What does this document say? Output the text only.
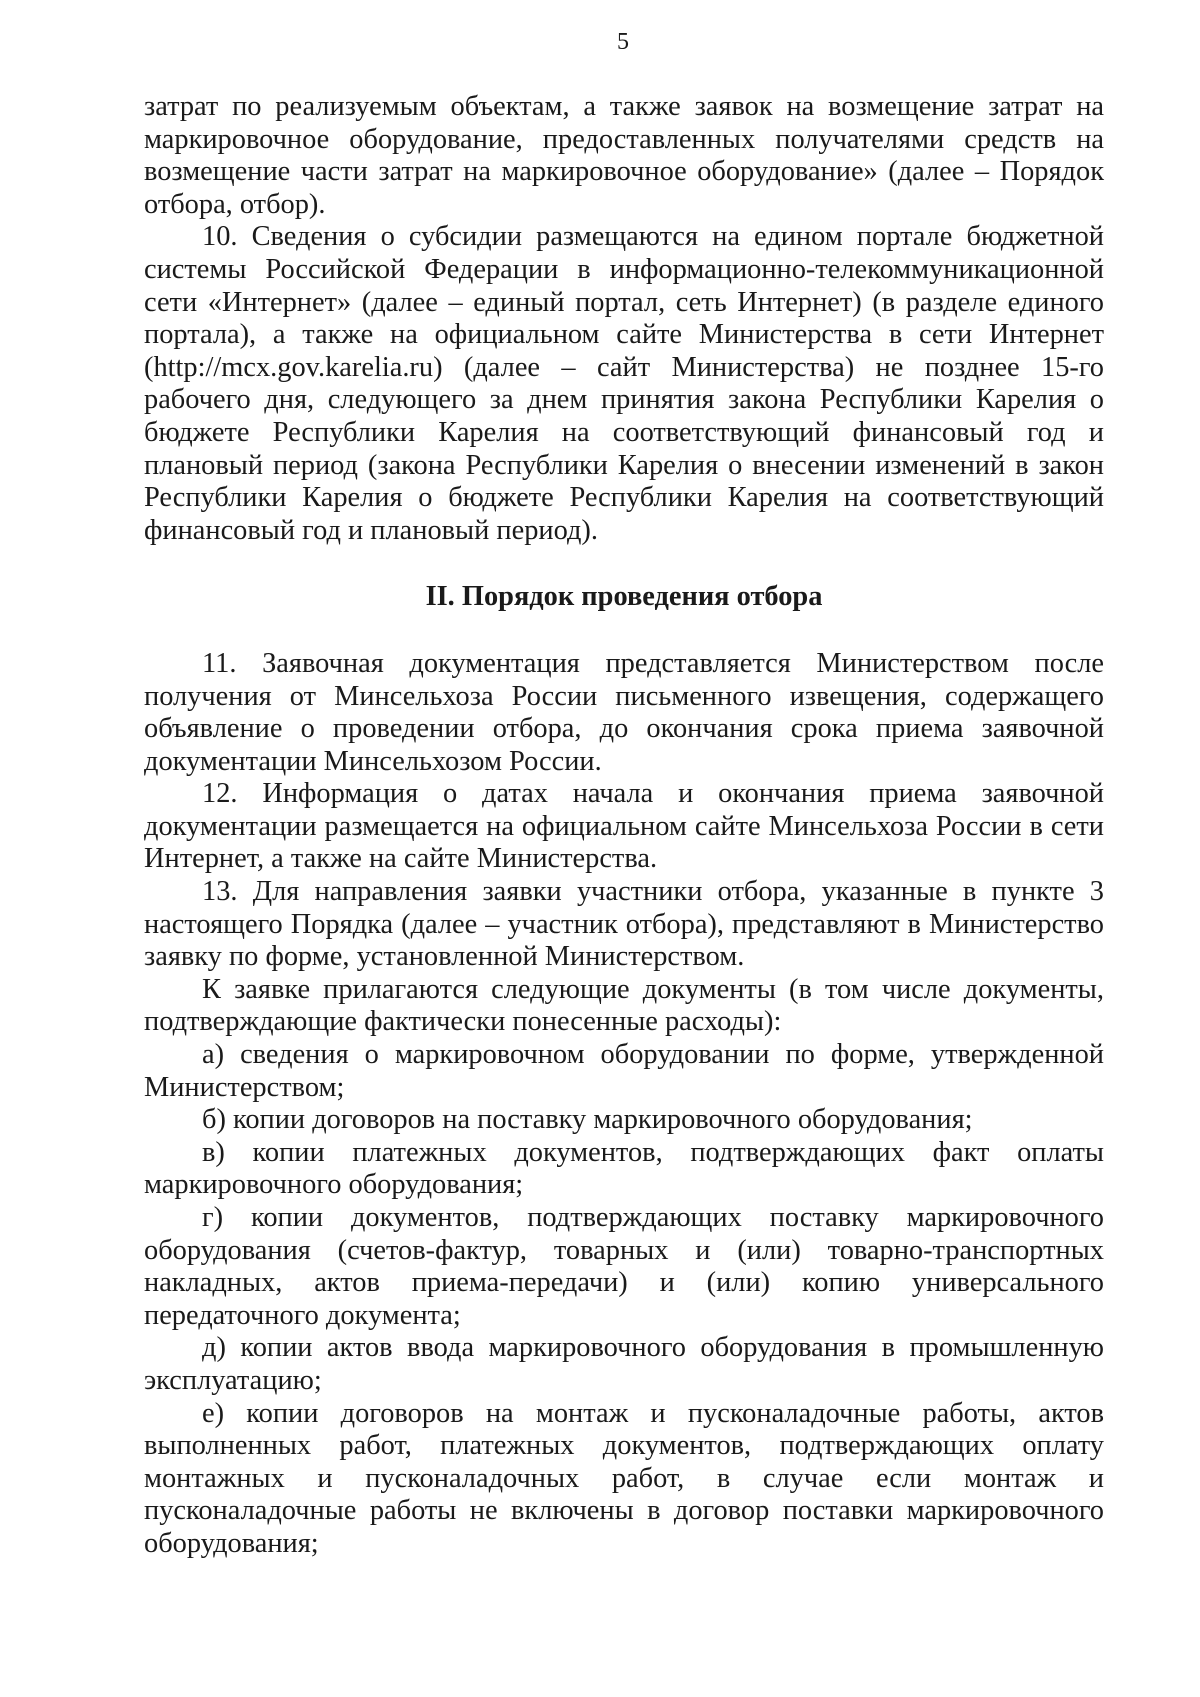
5

затрат по реализуемым объектам, а также заявок на возмещение затрат на маркировочное оборудование, предоставленных получателями средств на возмещение части затрат на маркировочное оборудование» (далее – Порядок отбора, отбор).

10. Сведения о субсидии размещаются на едином портале бюджетной системы Российской Федерации в информационно-телекоммуникационной сети «Интернет» (далее – единый портал, сеть Интернет) (в разделе единого портала), а также на официальном сайте Министерства в сети Интернет (http://mcx.gov.karelia.ru) (далее – сайт Министерства) не позднее 15-го рабочего дня, следующего за днем принятия закона Республики Карелия о бюджете Республики Карелия на соответствующий финансовый год и плановый период (закона Республики Карелия о внесении изменений в закон Республики Карелия о бюджете Республики Карелия на соответствующий финансовый год и плановый период).

II. Порядок проведения отбора

11. Заявочная документация представляется Министерством после получения от Минсельхоза России письменного извещения, содержащего объявление о проведении отбора, до окончания срока приема заявочной документации Минсельхозом России.

12. Информация о датах начала и окончания приема заявочной документации размещается на официальном сайте Минсельхоза России в сети Интернет, а также на сайте Министерства.

13. Для направления заявки участники отбора, указанные в пункте 3 настоящего Порядка (далее – участник отбора), представляют в Министерство заявку по форме, установленной Министерством.

К заявке прилагаются следующие документы (в том числе документы, подтверждающие фактически понесенные расходы):

а) сведения о маркировочном оборудовании по форме, утвержденной Министерством;

б) копии договоров на поставку маркировочного оборудования;

в) копии платежных документов, подтверждающих факт оплаты маркировочного оборудования;

г) копии документов, подтверждающих поставку маркировочного оборудования (счетов-фактур, товарных и (или) товарно-транспортных накладных, актов приема-передачи) и (или) копию универсального передаточного документа;

д) копии актов ввода маркировочного оборудования в промышленную эксплуатацию;

е) копии договоров на монтаж и пусконаладочные работы, актов выполненных работ, платежных документов, подтверждающих оплату монтажных и пусконаладочных работ, в случае если монтаж и пусконаладочные работы не включены в договор поставки маркировочного оборудования;
